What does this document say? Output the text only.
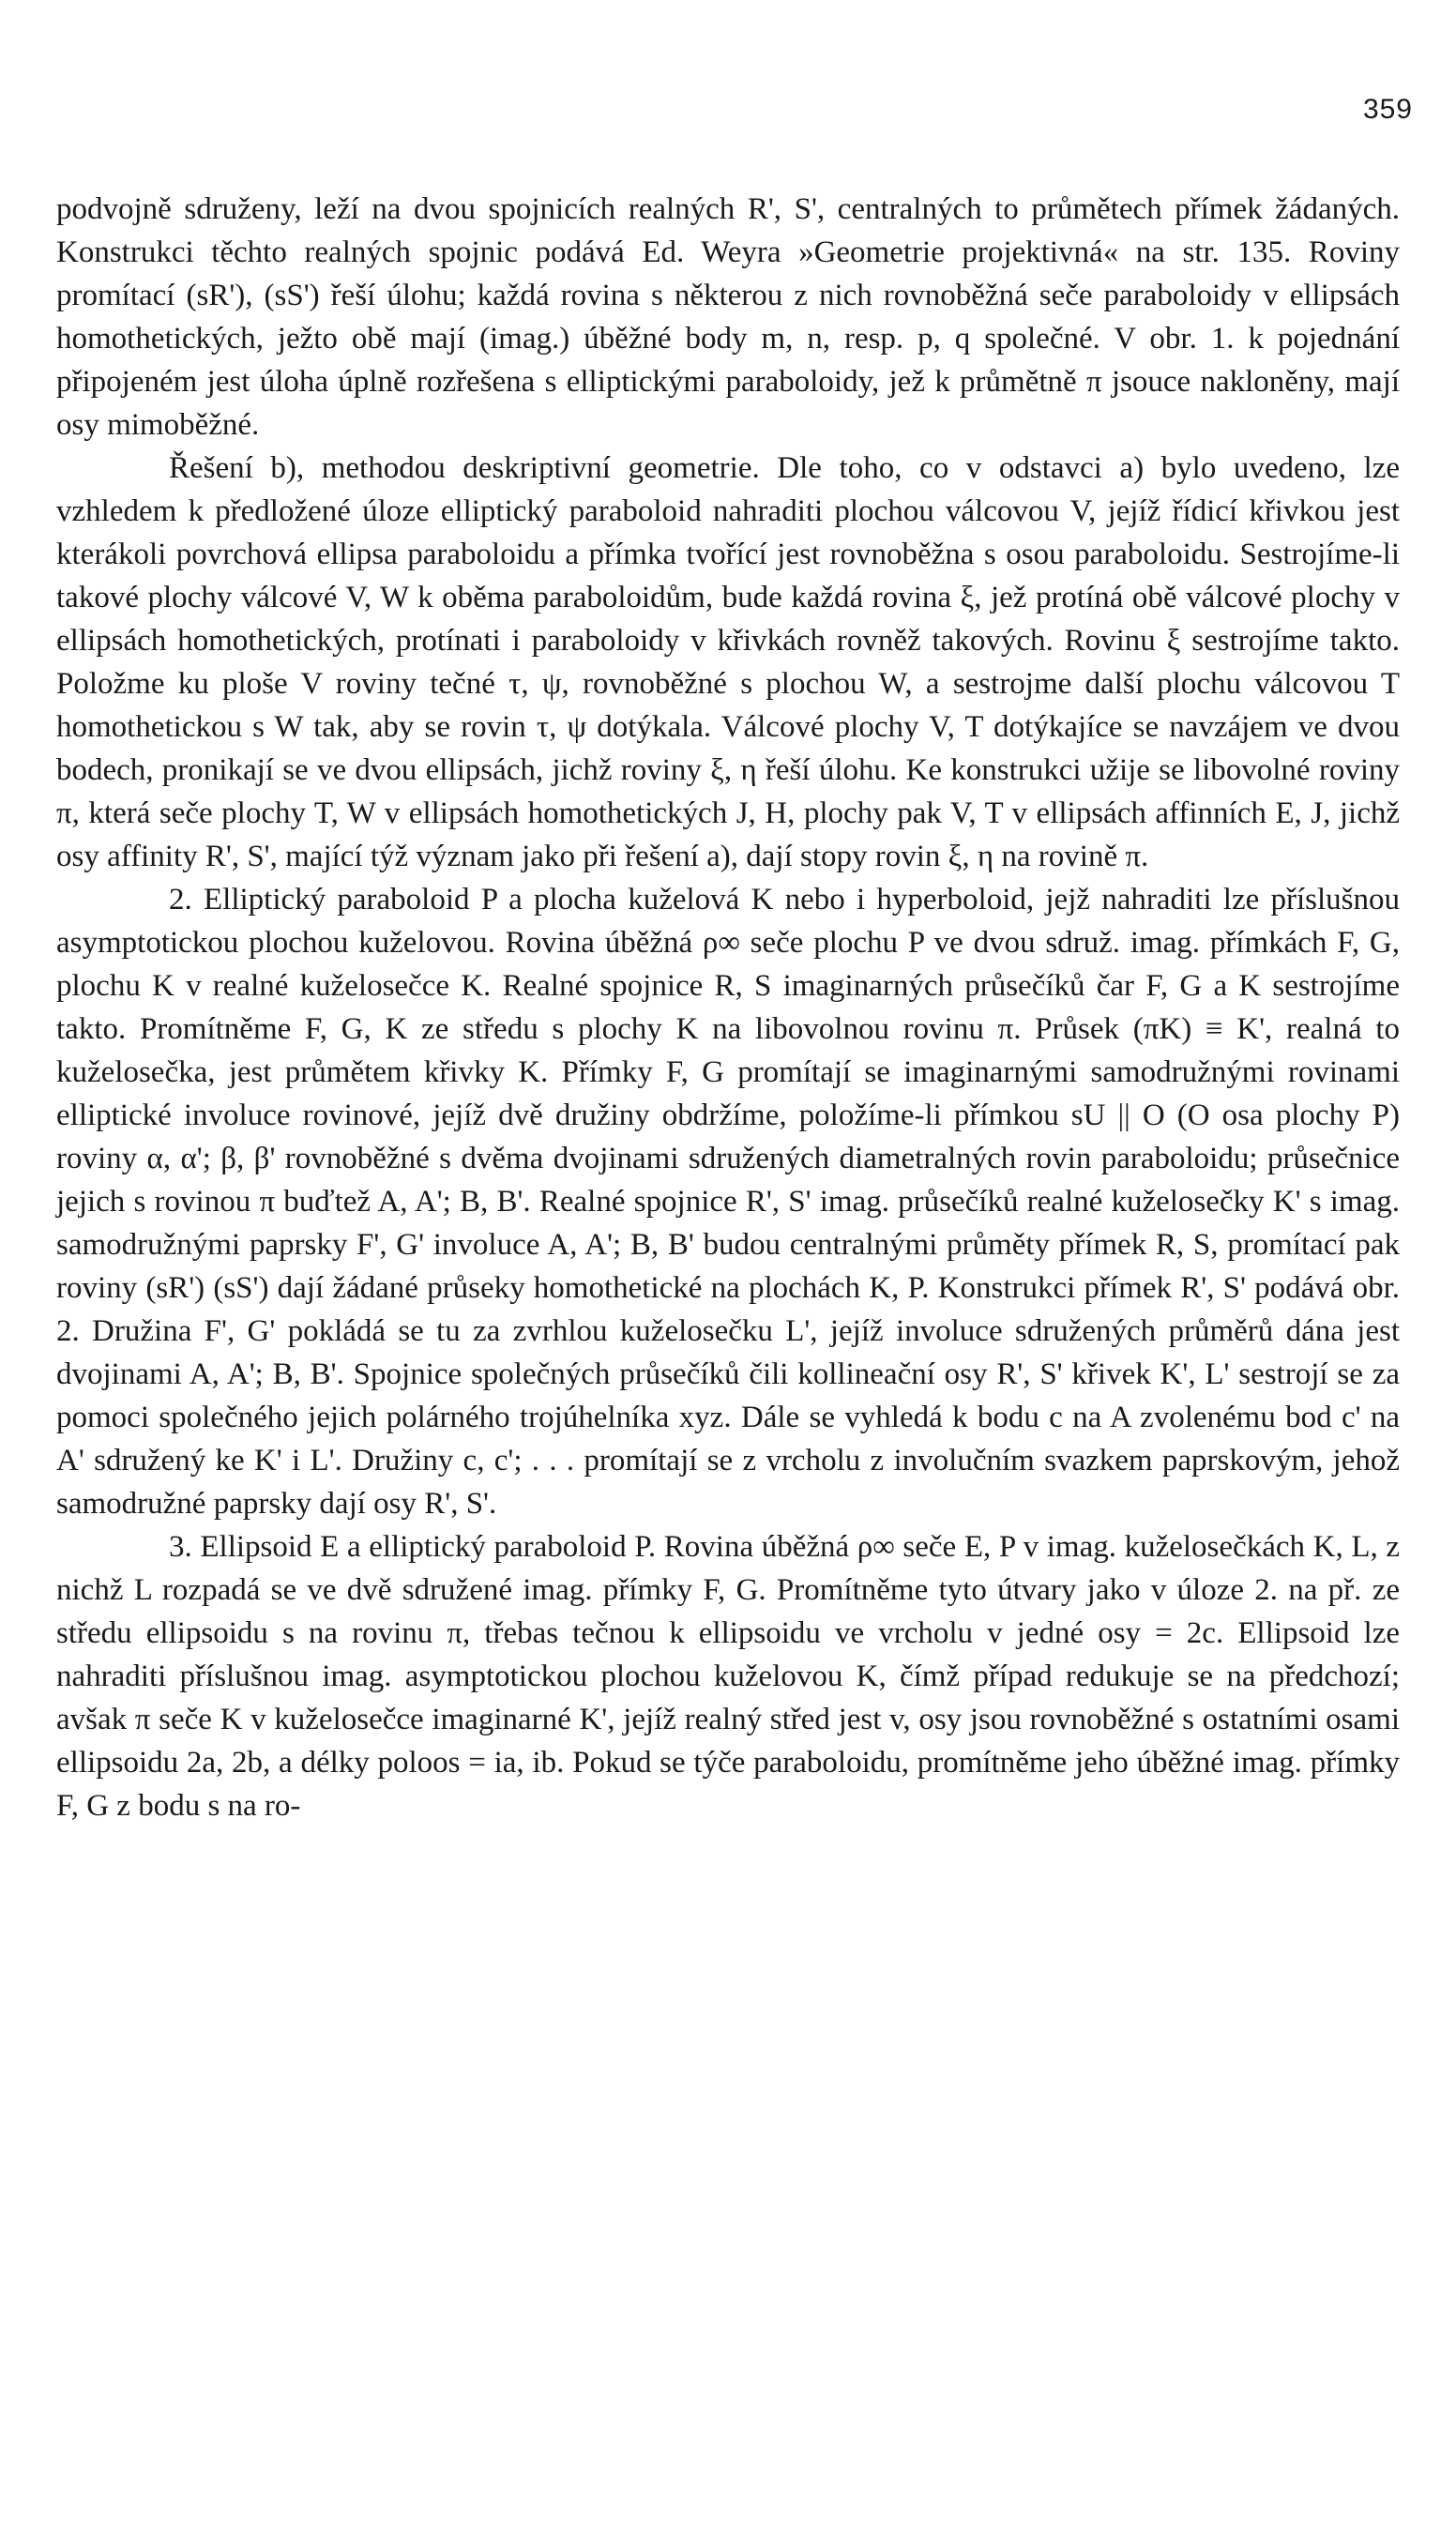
359

podvojně sdruženy, leží na dvou spojnicích realných R', S', centralných to průmětech přímek žádaných. Konstrukci těchto realných spojnic podává Ed. Weyra »Geometrie projektivná« na str. 135. Roviny promítací (sR'), (sS') řeší úlohu; každá rovina s některou z nich rovnoběžná seče paraboloidy v ellipsách homothetických, ježto obě mají (imag.) úběžné body m, n, resp. p, q společné. V obr. 1. k pojednání připojeném jest úloha úplně rozřešena s elliptickými paraboloidy, jež k průmětně π jsouce nakloněny, mají osy mimoběžné.

Řešení b), methodou deskriptivní geometrie. Dle toho, co v odstavci a) bylo uvedeno, lze vzhledem k předložené úloze elliptický paraboloid nahraditi plochou válcovou V, jejíž řídicí křivkou jest kterákoli povrchová ellipsa paraboloidu a přímka tvořící jest rovnoběžna s osou paraboloidu. Sestrojíme-li takové plochy válcové V, W k oběma paraboloidům, bude každá rovina ξ, jež protíná obě válcové plochy v ellipsách homothetických, protínati i paraboloidy v křivkách rovněž takových. Rovinu ξ sestrojíme takto. Položme ku ploše V roviny tečné τ, ψ, rovnoběžné s plochou W, a sestrojme další plochu válcovou T homothetickou s W tak, aby se rovin τ, ψ dotýkala. Válcové plochy V, T dotýkajíce se navzájem ve dvou bodech, pronikají se ve dvou ellipsách, jichž roviny ξ, η řeší úlohu. Ke konstrukci užije se libovolné roviny π, která seče plochy T, W v ellipsách homothetických J, H, plochy pak V, T v ellipsách affinních E, J, jichž osy affinity R', S', mající týž význam jako při řešení a), dají stopy rovin ξ, η na rovině π.

2. Elliptický paraboloid P a plocha kuželová K nebo i hyperboloid, jejž nahraditi lze příslušnou asymptotickou plochou kuželovou. Rovina úběžná ρ∞ seče plochu P ve dvou sdruž. imag. přímkách F, G, plochu K v realné kuželosečce K. Realné spojnice R, S imaginarných průsečíků čar F, G a K sestrojíme takto. Promítněme F, G, K ze středu s plochy K na libovolnou rovinu π. Průsek (πK) ≡ K', realná to kuželosečka, jest průmětem křivky K. Přímky F, G promítají se imaginarnými samodružnými rovinami elliptické involuce rovinové, jejíž dvě družiny obdržíme, položíme-li přímkou sU || O (O osa plochy P) roviny α, α'; β, β' rovnoběžné s dvěma dvojinami sdružených diametralných rovin paraboloidu; průsečnice jejich s rovinou π buďtež A, A'; B, B'. Realné spojnice R', S' imag. průsečíků realné kuželosečky K' s imag. samodružnými paprsky F', G' involuce A, A'; B, B' budou centralnými průměty přímek R, S, promítací pak roviny (sR') (sS') dají žádané průseky homothetické na plochách K, P. Konstrukci přímek R', S' podává obr. 2. Družina F', G' pokládá se tu za zvrhlou kuželosečku L', jejíž involuce sdružených průměrů dána jest dvojinami A, A'; B, B'. Spojnice společných průsečíků čili kollineační osy R', S' křivek K', L' sestrojí se za pomoci společného jejich polárného trojúhelníka xyz. Dále se vyhledá k bodu c na A zvolenému bod c' na A' sdružený ke K' i L'. Družiny c, c'; . . . promítají se z vrcholu z involučním svazkem paprskovým, jehož samodružné paprsky dají osy R', S'.

3. Ellipsoid E a elliptický paraboloid P. Rovina úběžná ρ∞ seče E, P v imag. kuželosečkách K, L, z nichž L rozpadá se ve dvě sdružené imag. přímky F, G. Promítněme tyto útvary jako v úloze 2. na př. ze středu ellipsoidu s na rovinu π, třebas tečnou k ellipsoidu ve vrcholu v jedné osy = 2c. Ellipsoid lze nahraditi příslušnou imag. asymptotickou plochou kuželovou K, čímž případ redukuje se na předchozí; avšak π seče K v kuželosečce imaginarné K', jejíž realný střed jest v, osy jsou rovnoběžné s ostatními osami ellipsoidu 2a, 2b, a délky poloos = ia, ib. Pokud se týče paraboloidu, promítněme jeho úběžné imag. přímky F, G z bodu s na ro-
